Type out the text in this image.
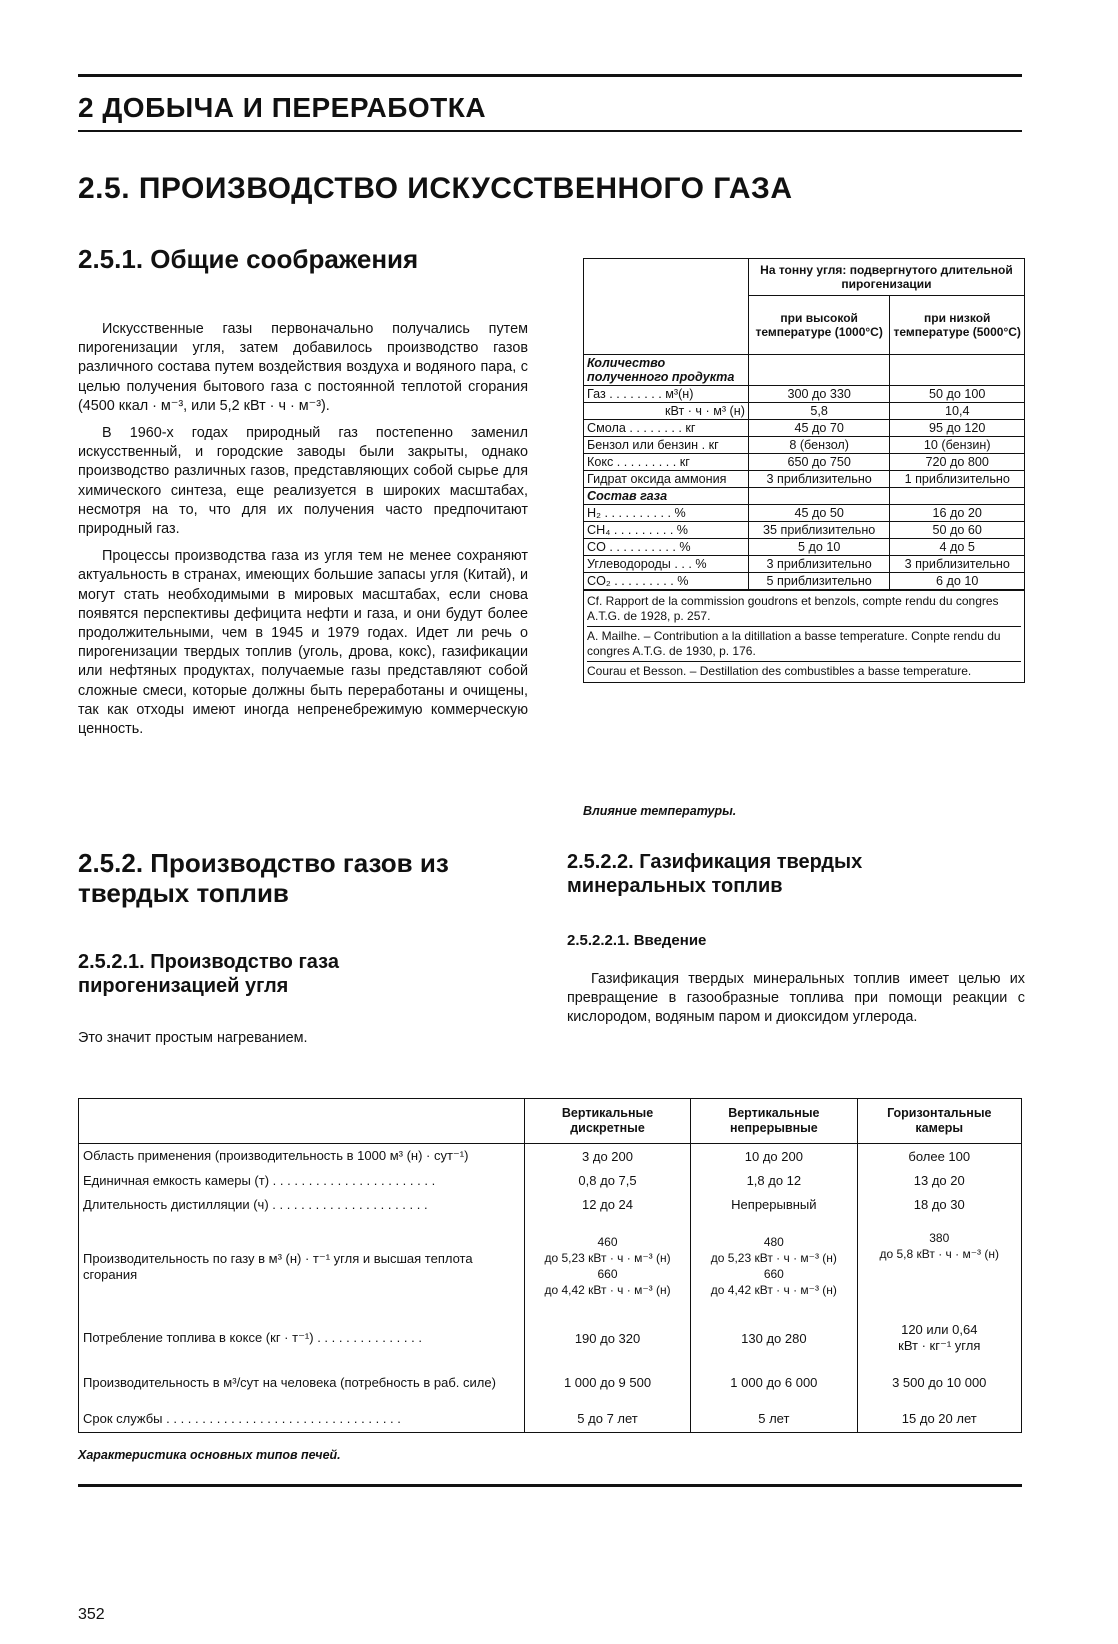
2 ДОБЫЧА И ПЕРЕРАБОТКА
2.5. ПРОИЗВОДСТВО ИСКУССТВЕННОГО ГАЗА
2.5.1. Общие соображения

Искусственные газы первоначально получались путем пирогенизации угля, затем добавилось производство газов различного состава путем воздействия воздуха и водяного пара, с целью получения бытового газа с постоянной теплотой сгорания (4500 ккал · м⁻³, или 5,2 кВт · ч · м⁻³).

В 1960-х годах природный газ постепенно заменил искусственный, и городские заводы были закрыты, однако производство различных газов, представляющих собой сырье для химического синтеза, еще реализуется в широких масштабах, несмотря на то, что для их получения часто предпочитают природный газ.

Процессы производства газа из угля тем не менее сохраняют актуальность в странах, имеющих большие запасы угля (Китай), и могут стать необходимыми в мировых масштабах, если снова появятся перспективы дефицита нефти и газа, и они будут более продолжительными, чем в 1945 и 1979 годах. Идет ли речь о пирогенизации твердых топлив (уголь, дрова, кокс), газификации или нефтяных продуктах, получаемые газы представляют собой сложные смеси, которые должны быть переработаны и очищены, так как отходы имеют иногда непренебрежимую коммерческую ценность.

	На тонну угля: подвергнутого длительной пирогенизации	
	при высокой температуре (1000°C)	при низкой температуре (5000°C)
Количество полученного продукта		
Газ . . . . . . . . м³(н)	300 до 330	50 до 100
кВт · ч · м³ (н)	5,8	10,4
Смола . . . . . . . . кг	45 до 70	95 до 120
Бензол или бензин . кг	8 (бензол)	10 (бензин)
Кокс . . . . . . . . . кг	650 до 750	720 до 800
Гидрат оксида аммония	3 приблизительно	1 приблизительно
Состав газа		
H₂ . . . . . . . . . . %	45 до 50	16 до 20
CH₄ . . . . . . . . . %	35 приблизительно	50 до 60
CO . . . . . . . . . . %	5 до 10	4 до 5
Углеводороды . . . %	3 приблизительно	3 приблизительно
CO₂ . . . . . . . . . %	5 приблизительно	6 до 10

Cf. Rapport de la commission goudrons et benzols, compte rendu du congres A.T.G. de 1928, p. 257.
A. Mailhe. – Contribution a la ditillation a basse temperature. Conpte rendu du congres A.T.G. de 1930, p. 176.
Courau et Besson. – Destillation des combustibles a basse temperature.		
Влияние температуры.
2.5.2. Производство газов из твердых топлив
2.5.2.1. Производство газа пирогенизацией угля
Это значит простым нагреванием.
2.5.2.2. Газификация твердых минеральных топлив
2.5.2.2.1. Введение

Газификация твердых минеральных топлив имеет целью их превращение в газообразные топлива при помощи реакции с кислородом, водяным паром и диоксидом углерода.

	Вертикальные дискретные	Вертикальные непрерывные	Горизонтальные камеры
Область применения (производительность в 1000 м³ (н) · сут⁻¹)	3 до 200	10 до 200	более 100
Единичная емкость камеры (т) . . . . . . . . . . . . . . . . . . . . . . .	0,8 до 7,5	1,8 до 12	13 до 20
Длительность дистилляции (ч) . . . . . . . . . . . . . . . . . . . . . .	12 до 24	Непрерывный	18 до 30
Производительность по газу в м³ (н) · т⁻¹ угля и высшая теплота сгорания	460
до 5,23 кВт · ч · м⁻³ (н)
660
до 4,42 кВт · ч · м⁻³ (н)	480
до 5,23 кВт · ч · м⁻³ (н)
660
до 4,42 кВт · ч · м⁻³ (н)	380
до 5,8 кВт · ч · м⁻³ (н)
Потребление топлива в коксе (кг · т⁻¹) . . . . . . . . . . . . . . .	190 до 320	130 до 280	120 или 0,64
кВт · кг⁻¹ угля
Производительность в м³/сут на человека (потребность в раб. силе)	1 000 до 9 500	1 000 до 6 000	3 500 до 10 000
Срок службы . . . . . . . . . . . . . . . . . . . . . . . . . . . . . . . . .	5 до 7 лет	5 лет	15 до 20 лет
Характеристика основных типов печей.
352
